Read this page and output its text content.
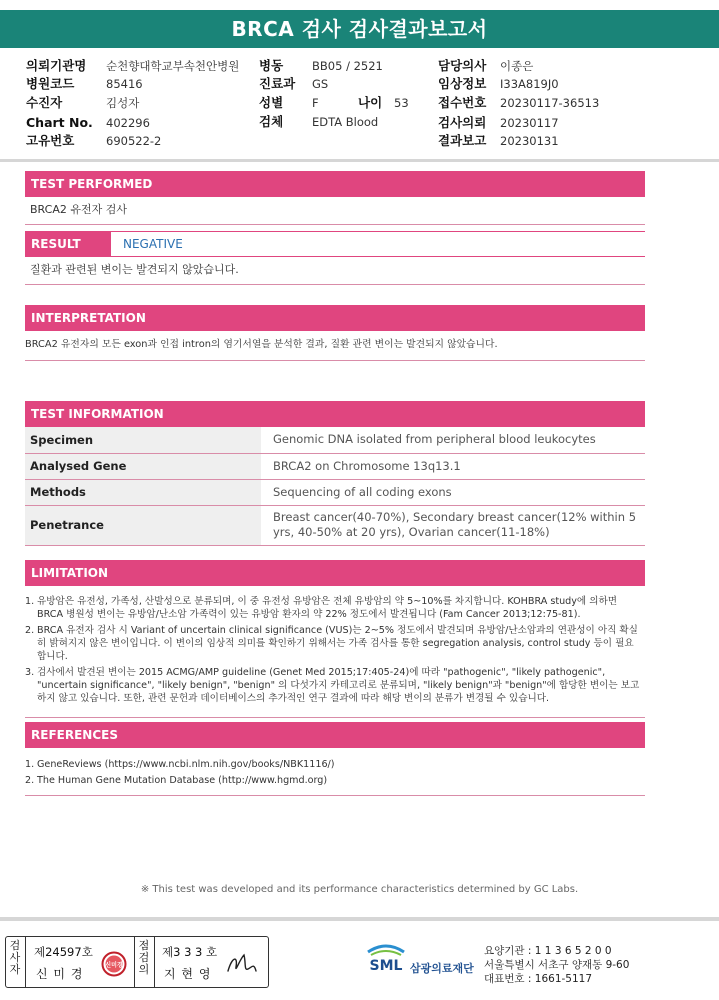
BRCA 검사 검사결과보고서
의뢰기관명 순천향대학교부속천안병원
병원코드	85416
수진자	김성자
Chart No. 402296
고유번호	690522-2
병동	BB05 / 2521
진료과 GS
성별	F	나이 53
검체	EDTA Blood
담당의사 이종은
임상정보 I33A819J0
접수번호 20230117-36513
검사의뢰 20230117
결과보고 20230131
TEST PERFORMED
BRCA2 유전자 검사
RESULT	NEGATIVE
질환과 관련된 변이는 발견되지 않았습니다.
INTERPRETATION
BRCA2 유전자의 모든 exon과 인접 intron의 염기서열을 분석한 결과, 질환 관련 변이는 발견되지 않았습니다.
TEST INFORMATION
Specimen	Genomic DNA isolated from peripheral blood leukocytes
Analysed Gene	BRCA2 on Chromosome 13q13.1
Methods	Sequencing of all coding exons
Penetrance	Breast cancer(40-70%), Secondary breast cancer(12% within 5 yrs, 40-50% at 20 yrs), Ovarian cancer(11-18%)
LIMITATION
1. 유방암은 유전성, 가족성, 산발성으로 분류되며, 이 중 유전성 유방암은 전체 유방암의 약 5~10%를 차지합니다. KOHBRA study에 의하면 BRCA 병원성 변이는 유방암/난소암 가족력이 있는 유방암 환자의 약 22% 정도에서 발견됩니다 (Fam Cancer 2013;12:75-81).
2. BRCA 유전자 검사 시 Variant of uncertain clinical significance (VUS)는 2~5% 정도에서 발견되며 유방암/난소암과의 연관성이 아직 확실히 밝혀지지 않은 변이입니다. 이 변이의 임상적 의미를 확인하기 위해서는 가족 검사를 통한 segregation analysis, control study 등이 필요합니다.
3. 검사에서 발견된 변이는 2015 ACMG/AMP guideline (Genet Med 2015;17:405-24)에 따라 "pathogenic", "likely pathogenic", "uncertain significance", "likely benign", "benign" 의 다섯가지 카테고리로 분류되며, "likely benign"과 "benign"에 합당한 변이는 보고하지 않고 있습니다. 또한, 관련 문헌과 데이터베이스의 추가적인 연구 결과에 따라 해당 변이의 분류가 변경될 수 있습니다.
REFERENCES
1. GeneReviews (https://www.ncbi.nlm.nih.gov/books/NBK1116/)
2. The Human Gene Mutation Database (http://www.hgmd.org)
※ This test was developed and its performance characteristics determined by GC Labs.
검사자
제24597호
신 미 경
신미경
점검의
제3 3 3 호
지 현 영	SML 삼광의료재단
요양기관 : 1 1 3 6 5 2 0 0
서울특별시 서초구 양재동 9-60
대표번호 : 1661-5117
